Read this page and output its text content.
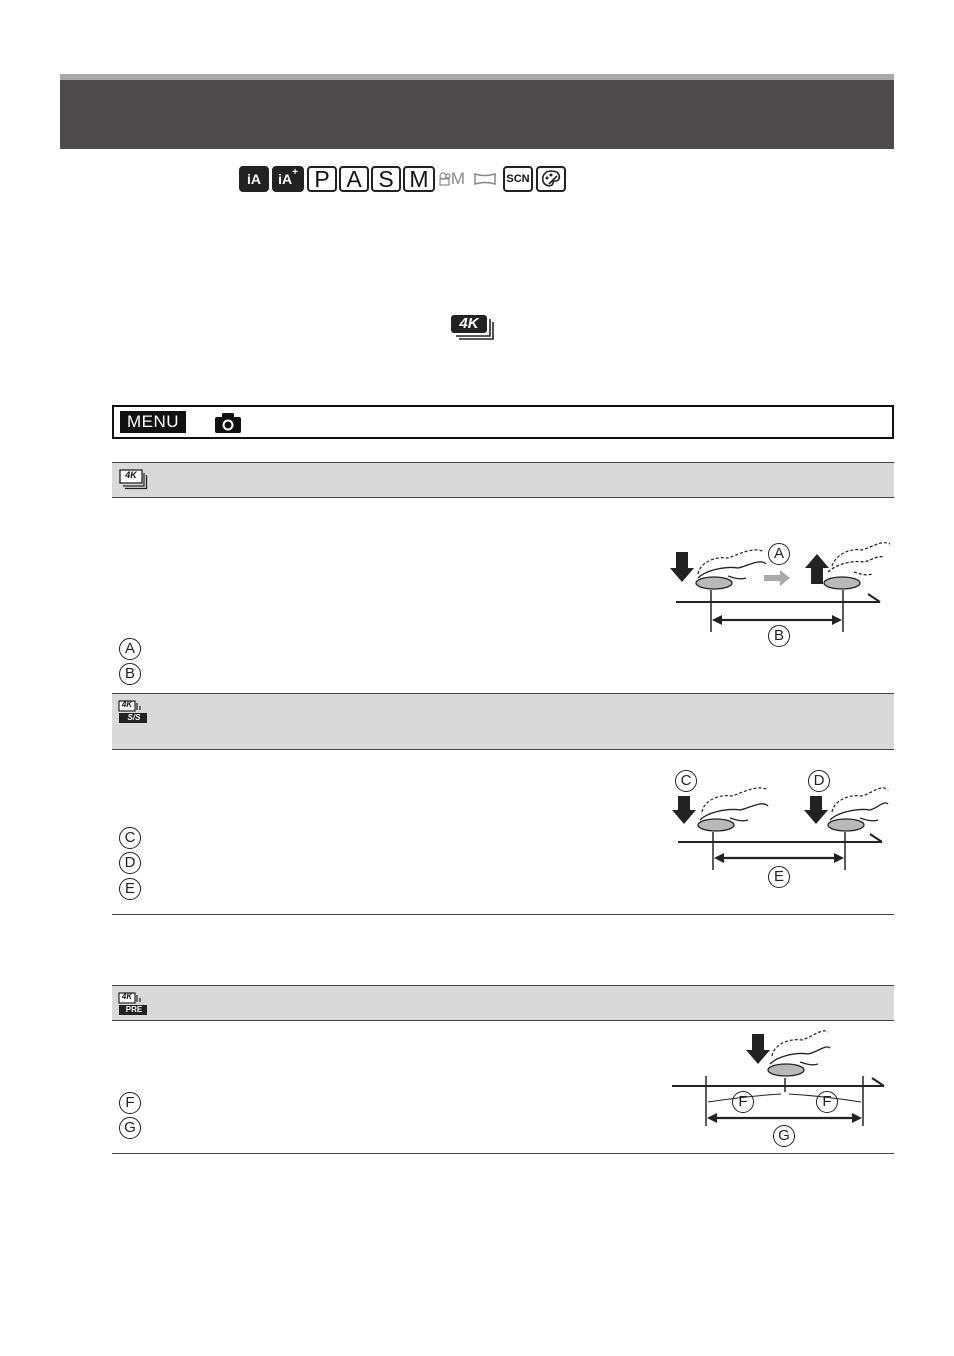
iA iA + P A S M M	SCN
4K
MENU
4K
A
B
A
B
4K
S/S
C	D
E
C
D
E
4K
PRE
F	F
G
F
G
